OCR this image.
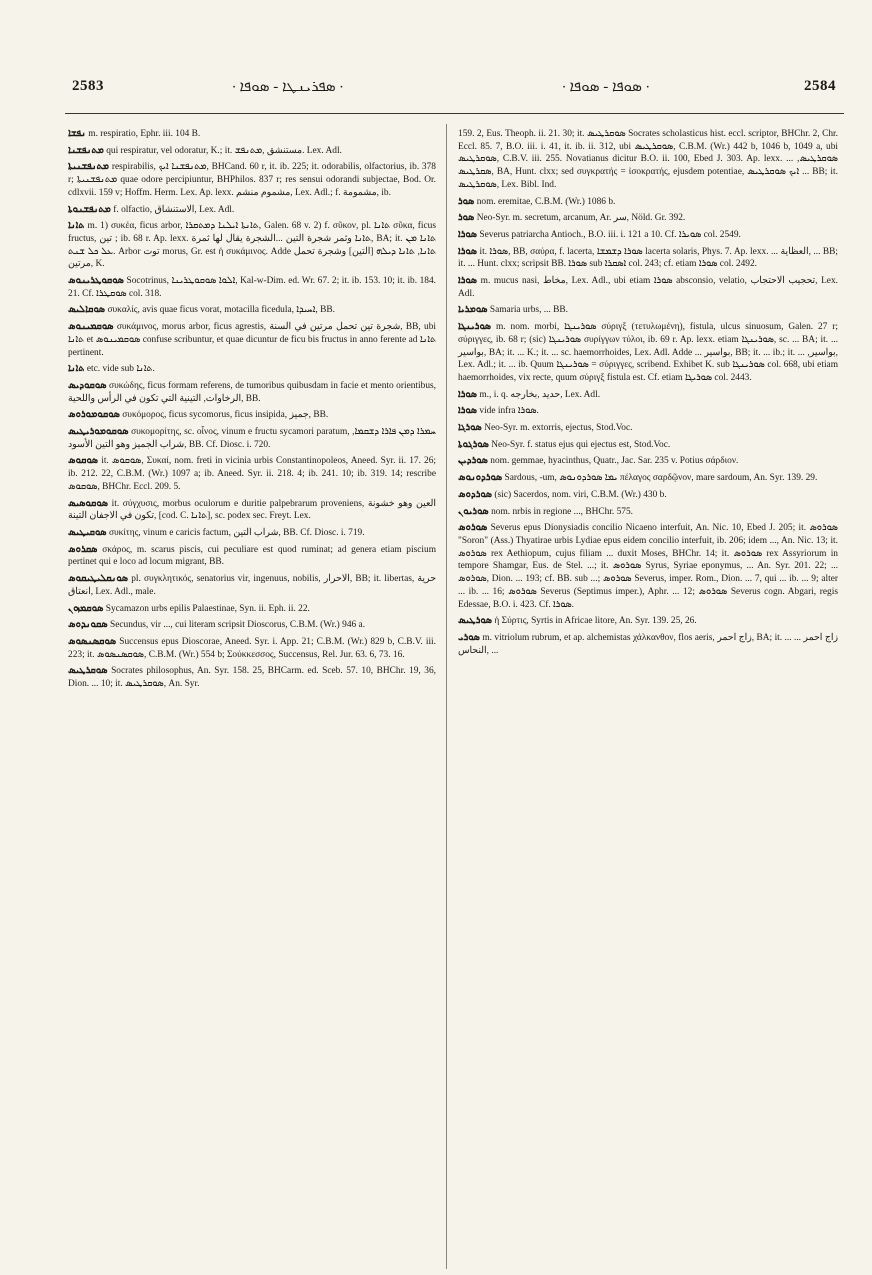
2583	⸱ ܣܦܪܝܢܛܐ - ܣܘܦܐ ⸱	⸱ ܣܘܦܐ - ܣܘܦܐ ⸱	2584

ܢܦܫܐ m. respiratio, Ephr. iii. 104 B.

ܡܬܢܦܫܢܐ qui respiratur, vel odoratur, K.; it. مستنشق ,ܡܬܢܦܫ. Lex. Adl.

ܡܬܢܦܫܢܝܬܐ respirabilis, ܡܬܢܦܫܢܐ ܐܝܟ, BHCand. 60 r, it. ib. 225; it. odorabilis, olfactorius, ib. 378 r; ܡܬܢܦܫܢܝܬܐ quae odore percipiuntur, BHPhilos. 837 r; res sensui odorandi subjectae, Bod. Or. cdlxvii. 159 v; Hoffm. Herm. Lex. Ap. lexx. مشموم منشم, Lex. Adl.; f. مشمومة, ib.

ܡܬܢܦܫܢܘܬܐ f. olfactio, الاستنشاق, Lex. Adl.

ܬܐܢܐ m. 1) συκέα, ficus arbor, ܬܐܢܬܐ ܐܝܠܢܐ ܕܡܬܩܪܐ, Galen. 68 v. 2) f. σῦκον, pl. ܬܐܢܐ σῦκα, ficus fructus, تين ; ib. 68 r. Ap. lexx. ܬܐܢܐ وثمر شجرة التين ...الشجرة يقال لها ثمرة, BA; it. ܬܐܢܐ ܡܢ ܥܠ ܟܠ ܫܢܬ. Arbor توت morus, Gr. est ἡ συκάμινος. Adde ܬܐܢܐ, ܬܐܢܐ ܕܝܠܗ [التين] وشجرة تحمل مرتين, K.

ܣܘܩܘܛܪܝܢܘܣ Socotrinus, ܐܠܘܐ ܣܘܩܘܛܪܝܢܐ, Kal-w-Dim. ed. Wr. 67. 2; it. ib. 153. 10; it. ib. 184. 21. Cf. ܣܘܩܛܪܐ col. 318.

ܣܘܩܐܠܝܣ συκαλίς, avis quae ficus vorat, motacilla ficedula, ܐܚܝܕܐ, BB.

ܣܘܩܡܝܢܘܣ συκάμινος, morus arbor, ficus agrestis, شجرة تين تحمل مرتين في السنة, BB, ubi ܬܐܢܐ et ܣܘܩܡܝܢܘܣ confuse scribuntur, et quae dicuntur de ficu bis fructus in anno ferente ad ܬܐܢܐ pertinent.

ܬܐܢܐ etc. vide sub ܬܐܢܐ.

ܣܘܩܘܕܝܣ συκώδης, ficus formam referens, de tumoribus quibusdam in facie et mento orientibus, الرخاوات, التينية التي تكون في الرأس واللحية, BB.

ܣܘܩܘܡܘܪܘܣ συκόμορος, ficus sycomorus, ficus insipida, جميز, BB.

ܣܘܩܘܡܘܪܝܛܝܣ συκομορίτης, sc. οἶνος, vinum e fructu sycamori paratum, ܚܡܪܐ ܕܡܢ ܦܐܪܐ ܕܫܩܡܐ, شراب الجميز وهو التين الأسود, BB. Cf. Diosc. i. 720.

ܣܘܩܘܣ it. ܣܘܩܘܣ, Συκαί, nom. freti in vicinia urbis Constantinopoleos, Aneed. Syr. ii. 17. 26; ib. 212. 22, C.B.M. (Wr.) 1097 a; ib. Aneed. Syr. ii. 218. 4; ib. 241. 10; ib. 319. 14; rescribe ܣܘܩܘܣ, BHChr. Eccl. 209. 5.

ܣܘܩܘܣܝܣ it. σύγχυσις, morbus oculorum e duritie palpebrarum proveniens, العين وهو خشونة تكون في الاجفان التينة, [cod. C. ܬܐܢܐ], sc. podex sec. Freyt. Lex.

ܣܘܩܝܛܝܣ συκίτης, vinum e caricis factum, شراب التين, BB. Cf. Diosc. i. 719.

ܣܩܪܘܣ σκάρος, m. scarus piscis, cui peculiare est quod ruminat; ad genera etiam piscium pertinet qui e loco ad locum migrant, BB.

ܣܘܢܩܠܝܛܝܩܘܣ pl. συγκλητικός, senatorius vir, ingenuus, nobilis, الاحرار, BB; it. libertas, حرية انعتاق, Lex. Adl., male.

ܣܘܩܡܙܘܢ Sycamazon urbs epilis Palaestinae, Syn. ii. Eph. ii. 22.

ܣܩܘܢܕܘܣ Secundus, vir ..., cui literam scripsit Dioscorus, C.B.M. (Wr.) 946 a.

ܣܘܩܣܢܣܘܣ Succensus epus Dioscorae, Aneed. Syr. i. App. 21; C.B.M. (Wr.) 829 b, C.B.V. iii. 223; it. ܣܘܩܣܢܣܘܣ, C.B.M. (Wr.) 554 b; Σούκκεσσος, Succensus, Rel. Jur. 63. 6, 73. 16.

ܣܘܩܪܛܝܣ Socrates philosophus, An. Syr. 158. 25, BHCarm. ed. Sceb. 57. 10, BHChr. 19, 36, Dion. ... 10; it. ܣܘܩܪܛܝܣ, An. Syr.

159. 2, Eus. Theoph. ii. 21. 30; it. ܣܘܩܪܛܝܣ Socrates scholasticus hist. eccl. scriptor, BHChr. 2, Chr. Eccl. 85. 7, B.O. iii. i. 41, it. ib. ii. 312, ubi ܣܘܩܪܛܝܣ, C.B.M. (Wr.) 442 b, 1046 b, 1049 a, ubi ܣܘܩܪܛܝܣ, C.B.V. iii. 255. Novatianus dicitur B.O. ii. 100, Ebed J. 303. Ap. lexx. ܣܘܩܪܛܝܣ, ... ܣܩܪܛܝܣ, BA, Hunt. clxx; sed συγκρατής = ἰσοκρατής, ejusdem potentiae, ܐܝܟ ܣܘܩܪܛܝܣ ... BB; it. ܣܘܩܪܛܝܣ, Lex. Bibl. Ind.

ܣܘܪ nom. eremitae, C.B.M. (Wr.) 1086 b.

ܣܘܪ Neo-Syr. m. secretum, arcanum, Ar. سر, Nöld. Gr. 392.

ܣܘܪܐ Severus patriarcha Antioch., B.O. iii. i. 121 a 10. Cf. ܣܘܝܪܐ col. 2549.

ܣܘܪܐ it. ܣܘܪܐ, BB, σαύρα, f. lacerta, ܣܘܪܐ ܕܫܡܫܐ lacerta solaris, Phys. 7. Ap. lexx. ... العظاية, ... BB; it. ... Hunt. clxx; scripsit BB. ܣܘܪܐ sub ܐܣܩܪܐ col. 243; cf. etiam ܣܘܪܐ col. 2492.

ܣܘܪܐ m. mucus nasi, مخاط, Lex. Adl., ubi etiam ܣܘܪܐ absconsio, velatio, تحجيب الاحتجاب, Lex. Adl.

ܣܘܡܪܝܐ Samaria urbs, ... BB.

ܣܘܪܝܢܓܐ m. nom. morbi, ܣܘܪܝܢܓܐ σύριγξ (τετυλωμένη), fistula, ulcus sinuosum, Galen. 27 r; σύριγγες, ib. 68 r; (sic) ܣܘܪܝܢܓܐ συρίγγων τύλοι, ib. 69 r. Ap. lexx. etiam ܣܘܪܝܢܓܐ, sc. ... BA; it. ... بواسير, BA; it. ... K.; it. ... sc. haemorrhoides, Lex. Adl. Adde ... بواسير, BB; it. ... ib.; it. ... ,بواسير, Lex. Adl.; it. ... ib. Quum ܣܘܪܝܢܓܐ = σύριγγες, scribend. Exhibet K. sub ܣܘܪܝܢܓܐ col. 668, ubi etiam haemorrhoides, vix recte, quum σύριγξ fistula est. Cf. etiam ܣܘܪܝܓܐ col. 2443.

ܣܘܪܐ m., i. q. حديد ,بخارجه, Lex. Adl.

ܣܘܪܐ vide infra ܣܘܪܐ.

ܣܘܪܓܐ Neo-Syr. m. extorris, ejectus, Stod.Voc.

ܣܘܪܓܘܬܐ Neo-Syr. f. status ejus qui ejectus est, Stod.Voc.

ܣܘܪܕܝܢ nom. gemmae, hyacinthus, Quatr., Jac. Sar. 235 v. Potius σάρδιον.

ܣܘܪܕܘܢܘܣ Sardous, -um, ܝܡܐ ܣܘܪܕܘܢܘܣ πέλαγος σαρδῷνον, mare sardoum, An. Syr. 139. 29.

ܣܘܪܕܘܣ (sic) Sacerdos, nom. viri, C.B.M. (Wr.) 430 b.

ܣܘܪܝܘܢ nom. nrbis in regione ..., BHChr. 575.

ܣܘܪܘܣ Severus epus Dionysiadis concilio Nicaeno interfuit, An. Nic. 10, Ebed J. 205; it. ܣܘܪܘܣ "Soron" (Ass.) Thyatirae urbis Lydiae epus eidem concilio interfuit, ib. 206; idem ..., An. Nic. 13; it. ܣܘܪܘܣ rex Aethiopum, cujus filiam ... duxit Moses, BHChr. 14; it. ܣܘܪܘܣ rex Assyriorum in tempore Shamgar, Eus. de Stel. ...; it. ܣܘܪܘܣ Syrus, Syriae eponymus, ... An. Syr. 201. 22; ... ܣܘܪܘܣ, Dion. ... 193; cf. BB. sub ...; ܣܘܪܘܣ Severus, imper. Rom., Dion. ... 7, qui ... ib. ... 9; alter ... ib. ... 16; ܣܘܪܘܣ Severus (Septimus imper.), Aphr. ... 12; ܣܘܪܘܣ Severus cogn. Abgari, regis Edessae, B.O. i. 423. Cf. ܣܘܪܐ.

ܣܘܪܛܝܣ ἡ Σύρτις, Syrtis in Africae litore, An. Syr. 139. 25, 26.

ܣܘܪܝ m. vitriolum rubrum, et ap. alchemistas χάλκανθον, flos aeris, زاج احمر, BA; it. ... زاج احمر ... النحاس, ...
